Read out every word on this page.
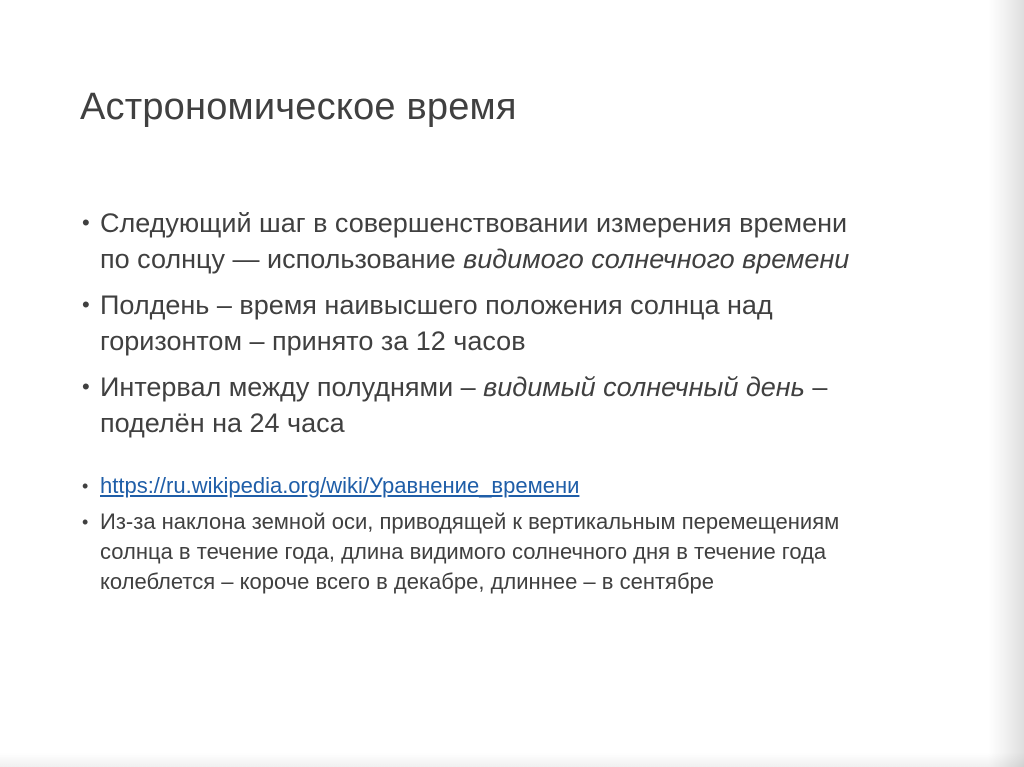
Астрономическое время
• Следующий шаг в совершенствовании измерения времени по солнцу — использование видимого солнечного времени
• Полдень – время наивысшего положения солнца над горизонтом – принято за 12 часов
• Интервал между полуднями – видимый солнечный день – поделён на 24 часа
• https://ru.wikipedia.org/wiki/Уравнение_времени
• Из-за наклона земной оси, приводящей к вертикальным перемещениям солнца в течение года, длина видимого солнечного дня в течение года колеблется – короче всего в декабре, длиннее – в сентябре
